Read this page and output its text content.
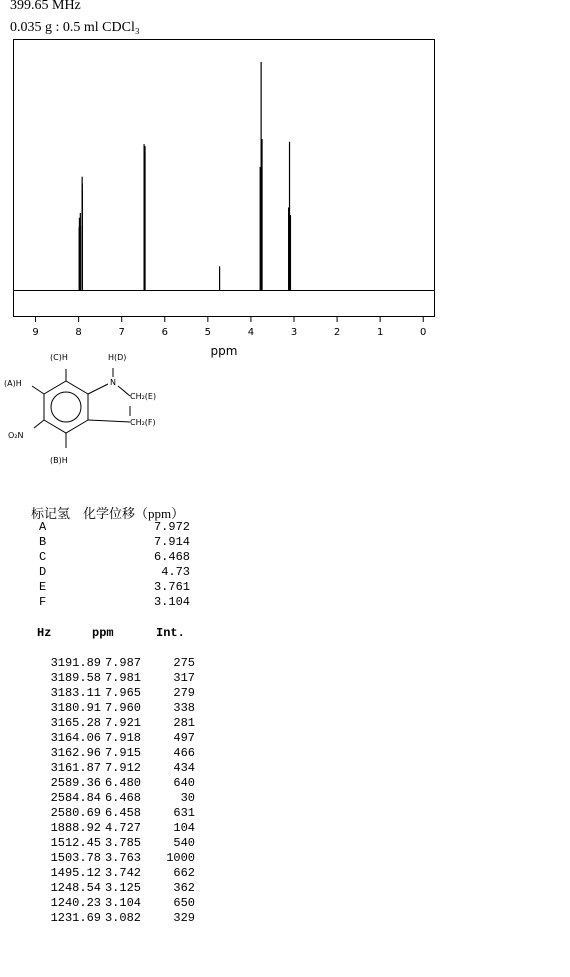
399.65 MHz
0.035 g : 0.5 ml CDCl₃
9	8	7	6	5	4	3	2	1	0
ppm
(C)H	H(D)
(A)H	N
CH₂(E)
CH₂(F)
O₂N
(B)H
标记氢 化学位移（ppm）
A	7.972
B	7.914
C	6.468
D	4.73
E	3.761
F	3.104
Hz	ppm	Int.
3191.89 7.987	275
3189.58 7.981	317
3183.11 7.965	279
3180.91 7.960	338
3165.28 7.921	281
3164.06 7.918	497
3162.96 7.915	466
3161.87 7.912	434
2589.36 6.480	640
2584.84 6.468	30
2580.69 6.458	631
1888.92 4.727	104
1512.45 3.785	540
1503.78 3.763 1000
1495.12 3.742	662
1248.54 3.125	362
1240.23 3.104	650
1231.69 3.082	329
